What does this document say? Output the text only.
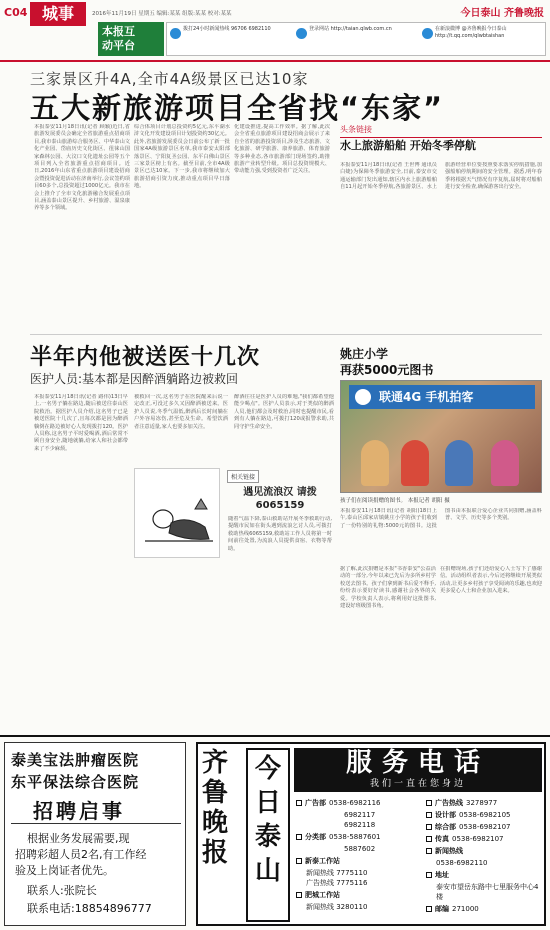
C04 城事	2016年11月19日 星期五 编辑:某某 组版:某某 校对:某某	今日泰山 齐鲁晚报
本报互
动平台
拨打24小时新闻热线 96706 6982110	登录网站 http://taian.qlwb.com.cn	在新浪微博 @齐鲁晚报今日泰山 http://t.qq.com/qlwbtaishan
三家景区升4A,全市4A级景区已达10家
五大新旅游项目全省找“东家”
本报泰安11月18日讯(记者 顾颖)近日,省旅游发展委员会确定全省旅游重点招商项目,我市泰山旅游综合服务区、中华泰山文化产业园、岱庙历史文化街区、徂徕山国家森林公园、大汶口文化遗址公园等五个项目列入全省旅游重点招商项目。近日,2016年山东省重点旅游项目建设招商会暨投资促进活动在济南举行,会议签约项目60多个,总投资超过1000亿元。我市在会上推介了全市文化旅游融合发展重点项目,涵盖泰山景区提升、乡村旅游、温泉康养等多个领域。
综合体项目计划总投资约5亿元,东平湖水浒文化开发建设项目计划投资约30亿元。此外,省旅游发展委员会日前公布了新一批国家4A级旅游景区名单,我市泰安太阳部落景区、宁阳复圣公园、东平白佛山景区三家景区榜上有名。截至目前,全市4A级景区已达10家。下一步,我市将继续加大旅游招商引资力度,推动重点项目早日落地。
化建设推进,提高工作效率。据了解,此次会全省重点旅游项目建设招商会展示了来自全省的旅游投资项目,涉及生态旅游、文化旅游、研学旅游、康养旅游、体育旅游等多种业态,各市旅游部门现场签约,助推旅游产业转型升级。项目总投资规模大、带动能力强,受到投资者广泛关注。
头条链接
水上旅游船舶 开始冬季停航
本报泰安11月18日讯(记者 王世博 通讯员 白婕)为保障冬季旅游安全,日前,泰安市交通运输部门发出通知,辖区内水上旅游船舶自11月起开始冬季停航,各旅游景区、水上旅游经营单位要按照要求落实停航措施,加强船舶停航期间的安全管理。据悉,明年春季将根据天气情况有序复航,届时将对船舶进行安全检查,确保游客出行安全。
半年内他被送医十几次
医护人员:基本都是因醉酒躺路边被救回
本报泰安11月18日讯(记者 路伟)13日早上,一名男子躺在路边,随后被送往泰山医院救治。据医护人员介绍,这名男子已是被送医院十几次了,且每次都是因为醉酒躺倒在路边被好心人发现拨打120。医护人员称,这名男子平时爱喝酒,酒后常常不顾自身安全,随地就躺,给家人和社会都带来了不少麻烦。
被救回一次,这名男子在医院醒来后说一定改正,可没过多久又因醉酒被送来。医护人员说,冬季气温低,醉酒后长时间躺在户外容易冻伤,甚至危及生命。希望饮酒者注意适量,家人也要多加关注。
醉酒往往是医护人员的难题,"我们都希望他能少喝点"。医护人员表示,对于类似的醉酒人员,他们都会及时救治,同时也提醒市民,看到有人躺在路边,可拨打120或报警求助,共同守护生命安全。
相关链接
遇见流浪汉 请拨6065159
随着气温下降,泰山救助站开展冬季救助行动,提醒市民如在街头遇到流浪乞讨人员,可拨打救助热线6065159,救助站工作人员将第一时间前往处置,为流浪人员提供食宿、衣物等帮助。
姚庄小学
再获5000元图书
联通4G 手机拍客
孩子们在阅读捐赠的图书。 本报记者 胡阳 摄
本报泰安11月18日讯(记者 胡阳)18日上午,泰山区邱家店镇姚庄小学的孩子们收到了一份特别的礼物:5000元的图书。这批图书由本报联合爱心企业共同捐赠,涵盖科普、文学、历史等多个类别。
据了解,此次捐赠是本报"书香泰安"公益活动的一部分,今年以来已先后为多所乡村学校送去图书。孩子们拿到新书后爱不释手,纷纷表示要好好读书,感谢社会各界的关爱。学校负责人表示,将利用好这批图书,建设好班级图书角。
在捐赠现场,孩子们还给爱心人士写下了感谢信。活动组织者表示,今后还将继续开展类似活动,让更多乡村孩子享受阅读的乐趣,也欢迎更多爱心人士和企业加入进来。
泰美宝法肿瘤医院
东平保法综合医院
招聘启事
根据业务发展需要,现
招聘彩超人员2名,有工作经
验及上岗证者优先。
联系人:张院长
联系电话:18854896777
齐
鲁
晚
报
今
日
泰
山
服务电话
我们一直在您身边
广告部 0538-6982116
6982117
6982118
分类部 0538-5887601
5887602
新泰工作站
新闻热线 7775110
广告热线 7775116
肥城工作站
新闻热线 3280110
广告热线 3278977
设计部 0538-6982105
综合部 0538-6982107
传真 0538-6982107
新闻热线
0538-6982110
地址
泰安市望岳东路中七里服务中心4楼
邮编 271000
